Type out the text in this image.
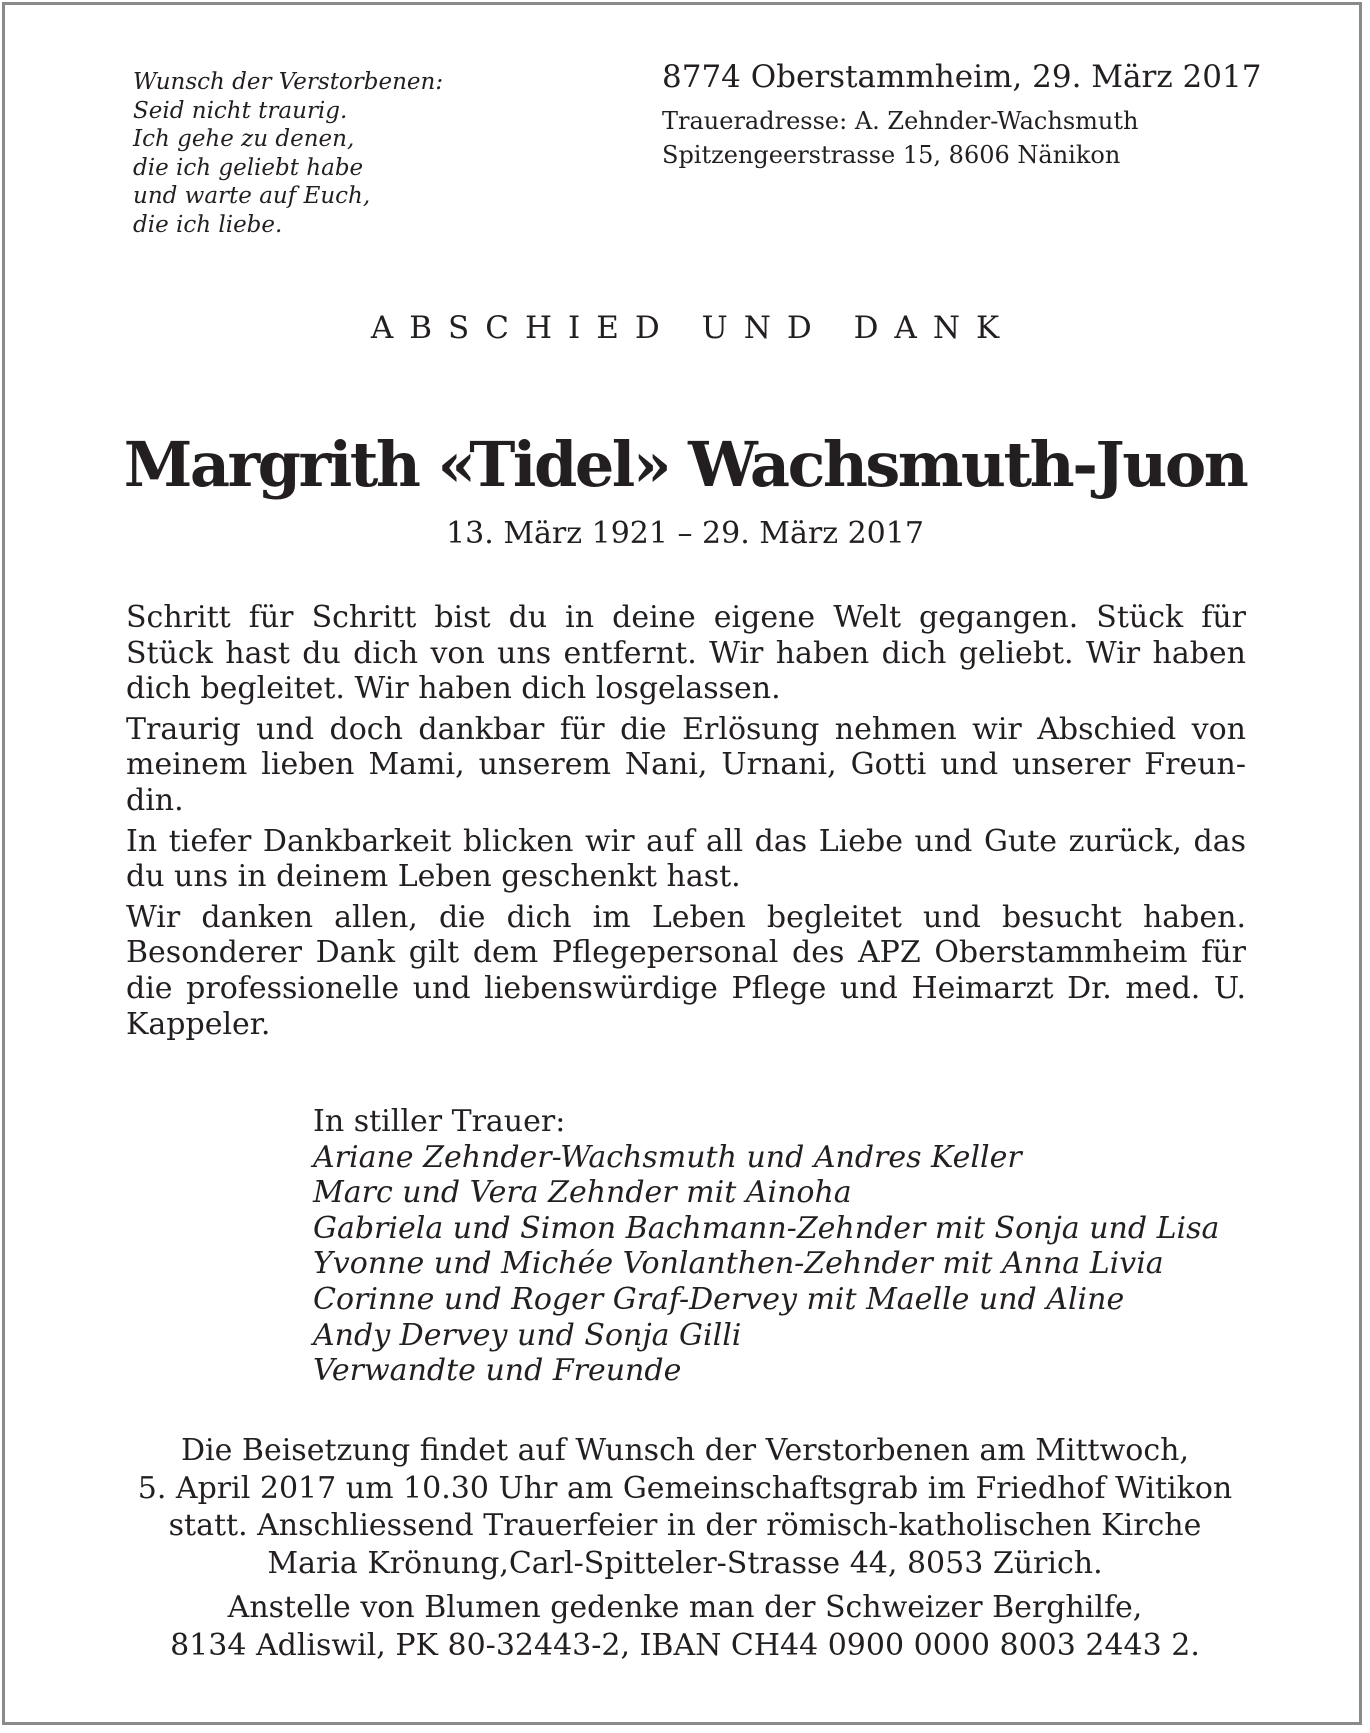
Wunsch der Verstorbenen:
Seid nicht traurig.
Ich gehe zu denen,
die ich geliebt habe
und warte auf Euch,
die ich liebe.
8774 Oberstammheim, 29. März 2017
Traueradresse: A. Zehnder-Wachsmuth
Spitzengeerstrasse 15, 8606 Nänikon
ABSCHIED UND DANK
Margrith «Tidel» Wachsmuth-Juon
13. März 1921 – 29. März 2017

Schritt für Schritt bist du in deine eigene Welt gegangen. Stück für Stück hast du dich von uns entfernt. Wir haben dich geliebt. Wir haben dich begleitet. Wir haben dich losgelassen.

Traurig und doch dankbar für die Erlösung nehmen wir Abschied von meinem lieben Mami, unserem Nani, Urnani, Gotti und unserer Freundin.

In tiefer Dankbarkeit blicken wir auf all das Liebe und Gute zurück, das du uns in deinem Leben geschenkt hast.

Wir danken allen, die dich im Leben begleitet und besucht haben. Besonderer Dank gilt dem Pflegepersonal des APZ Oberstammheim für die professionelle und liebenswürdige Pflege und Heimarzt Dr. med. U. Kappeler.

In stiller Trauer:
Ariane Zehnder-Wachsmuth und Andres Keller
Marc und Vera Zehnder mit Ainoha
Gabriela und Simon Bachmann-Zehnder mit Sonja und Lisa
Yvonne und Michée Vonlanthen-Zehnder mit Anna Livia
Corinne und Roger Graf-Dervey mit Maelle und Aline
Andy Dervey und Sonja Gilli
Verwandte und Freunde
Die Beisetzung findet auf Wunsch der Verstorbenen am Mittwoch,
5. April 2017 um 10.30 Uhr am Gemeinschaftsgrab im Friedhof Witikon
statt. Anschliessend Trauerfeier in der römisch-katholischen Kirche
Maria Krönung,Carl-Spitteler-Strasse 44, 8053 Zürich.
Anstelle von Blumen gedenke man der Schweizer Berghilfe,
8134 Adliswil, PK 80-32443-2, IBAN CH44 0900 0000 8003 2443 2.
